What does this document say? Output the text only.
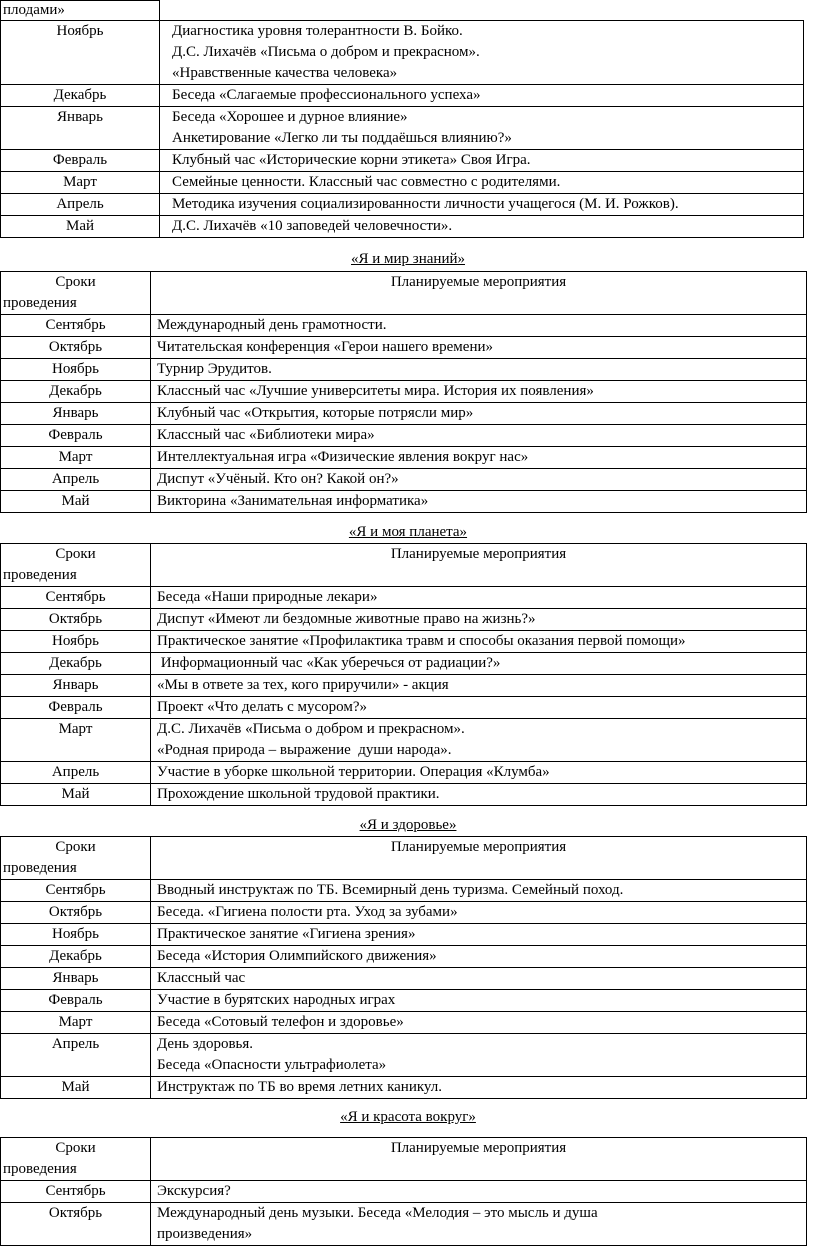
плодами»	
Ноябрь	Диагностика уровня толерантности В. Бойко.
Д.С. Лихачёв «Письма о добром и прекрасном».
«Нравственные качества человека»

Декабрь	Беседа «Слагаемые профессионального успеха»

Январь	Беседа «Хорошее и дурное влияние»
Анкетирование «Легко ли ты поддаёшься влиянию?»

Февраль	Клубный час «Исторические корни этикета» Своя Игра.

Март	Семейные ценности. Классный час совместно с родителями.

Апрель	Методика изучения социализированности личности учащегося (М. И. Рожков).

Май	Д.С. Лихачёв «10 заповедей человечности».
«Я и мир знаний»
Сроки
проведения	Планируемые мероприятия
Сентябрь	Международный день грамотности.

Октябрь	Читательская конференция «Герои нашего времени»

Ноябрь	Турнир Эрудитов.

Декабрь	Классный час «Лучшие университеты мира. История их появления»

Январь	Клубный час «Открытия, которые потрясли мир»

Февраль	Классный час «Библиотеки мира»

Март	Интеллектуальная игра «Физические явления вокруг нас»

Апрель	Диспут «Учёный. Кто он? Какой он?»

Май	Викторина «Занимательная информатика»
«Я и моя планета»
Сроки
проведения	Планируемые мероприятия
Сентябрь	Беседа «Наши природные лекари»

Октябрь	Диспут «Имеют ли бездомные животные право на жизнь?»

Ноябрь	Практическое занятие «Профилактика травм и способы оказания первой помощи»

Декабрь	Информационный час «Как уберечься от радиации?»

Январь	«Мы в ответе за тех, кого приручили» - акция

Февраль	Проект «Что делать с мусором?»

Март	Д.С. Лихачёв «Письма о добром и прекрасном».
«Родная природа – выражение  души народа».

Апрель	Участие в уборке школьной территории. Операция «Клумба»

Май	Прохождение школьной трудовой практики.
«Я и здоровье»
Сроки
проведения	Планируемые мероприятия
Сентябрь	Вводный инструктаж по ТБ. Всемирный день туризма. Семейный поход.

Октябрь	Беседа. «Гигиена полости рта. Уход за зубами»

Ноябрь	Практическое занятие «Гигиена зрения»

Декабрь	Беседа «История Олимпийского движения»

Январь	Классный час

Февраль	Участие в бурятских народных играх

Март	Беседа «Сотовый телефон и здоровье»

Апрель	День здоровья.
Беседа «Опасности ультрафиолета»

Май	Инструктаж по ТБ во время летних каникул.
«Я и красота вокруг»
Сроки
проведения	Планируемые мероприятия
Сентябрь	Экскурсия?

Октябрь	Международный день музыки. Беседа «Мелодия – это мысль и душа
произведения»
